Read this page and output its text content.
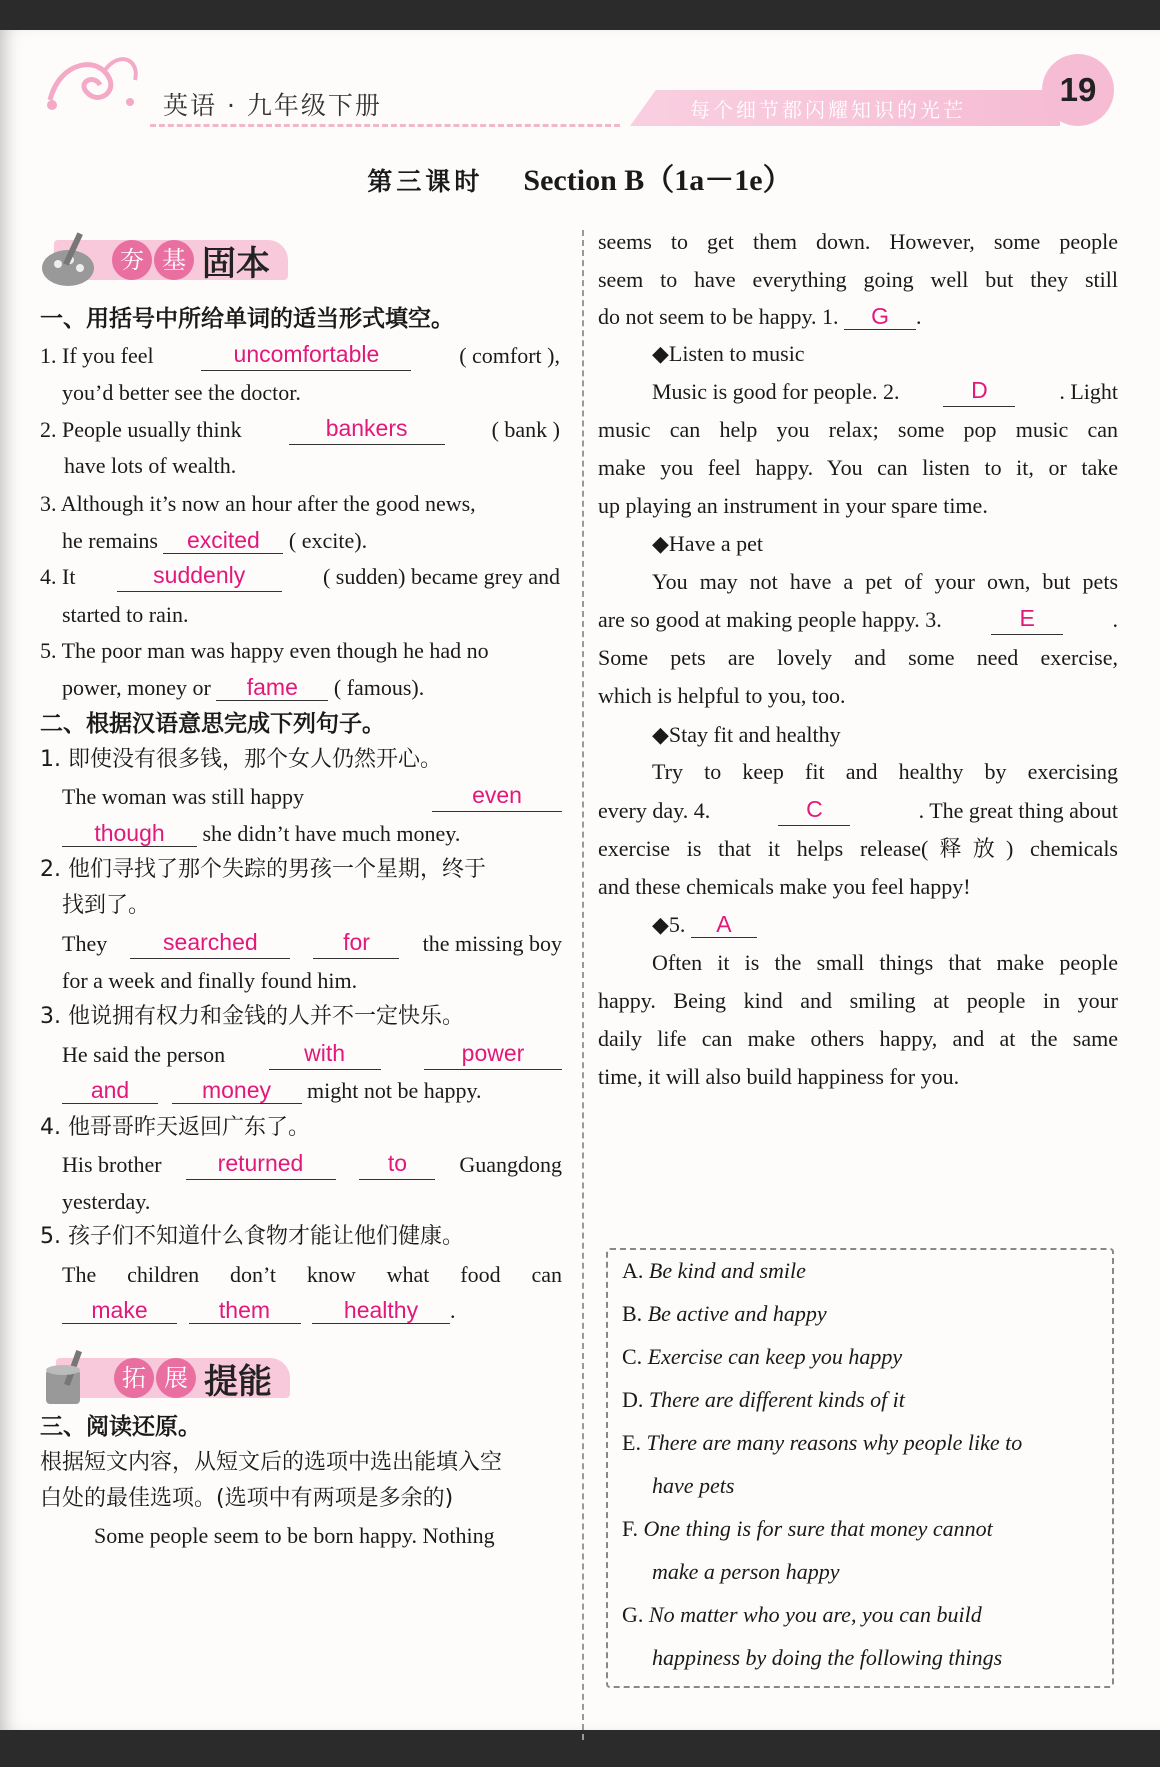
英语 · 九年级下册	每个细节都闪耀知识的光芒
19
第三课时 Section B（1a－1e）
夯 基 固本
一、用括号中所给单词的适当形式填空。
1. If you feel	uncomfortable	( comfort ),
you’d better see the doctor.
2. People usually think	bankers	( bank )
have lots of wealth.
3. Although it’s now an hour after the good news,
he remains excited ( excite).
4. It	suddenly	( sudden) became grey and
started to rain.
5. The poor man was happy even though he had no
power, money or fame ( famous).
二、根据汉语意思完成下列句子。
1. 即使没有很多钱，那个女人仍然开心。
The woman was still happy	even
though she didn’t have much money.
2. 他们寻找了那个失踪的男孩一个星期，终于
找到了。
They	searched	for	the missing boy
for a week and finally found him.
3. 他说拥有权力和金钱的人并不一定快乐。
He said the person	with	power
and	money might not be happy.
4. 他哥哥昨天返回广东了。
His brother	returned	to	Guangdong
yesterday.
5. 孩子们不知道什么食物才能让他们健康。
The children don’t know what food can
make	them	healthy .
拓 展 提能
三、阅读还原。
根据短文内容，从短文后的选项中选出能填入空
白处的最佳选项。(选项中有两项是多余的)
Some people seem to be born happy. Nothing
seems to get them down. However, some people
seem to have everything going well but they still
do not seem to be happy. 1. G .
◆Listen to music
Music is good for people. 2.	D	. Light
music can help you relax; some pop music can
make you feel happy. You can listen to it, or take
up playing an instrument in your spare time.
◆Have a pet
You may not have a pet of your own, but pets
are so good at making people happy. 3.	E	.
Some pets are lovely and some need exercise,
which is helpful to you, too.
◆Stay fit and healthy
Try to keep fit and healthy by exercising
every day. 4.	C	. The great thing about
exercise is that it helps release(释放) chemicals
and these chemicals make you feel happy!
◆5. A
Often it is the small things that make people
happy. Being kind and smiling at people in your
daily life can make others happy, and at the same
time, it will also build happiness for you.
A. Be kind and smile
B. Be active and happy
C. Exercise can keep you happy
D. There are different kinds of it
E. There are many reasons why people like to
have pets
F. One thing is for sure that money cannot
make a person happy
G. No matter who you are, you can build
happiness by doing the following things
